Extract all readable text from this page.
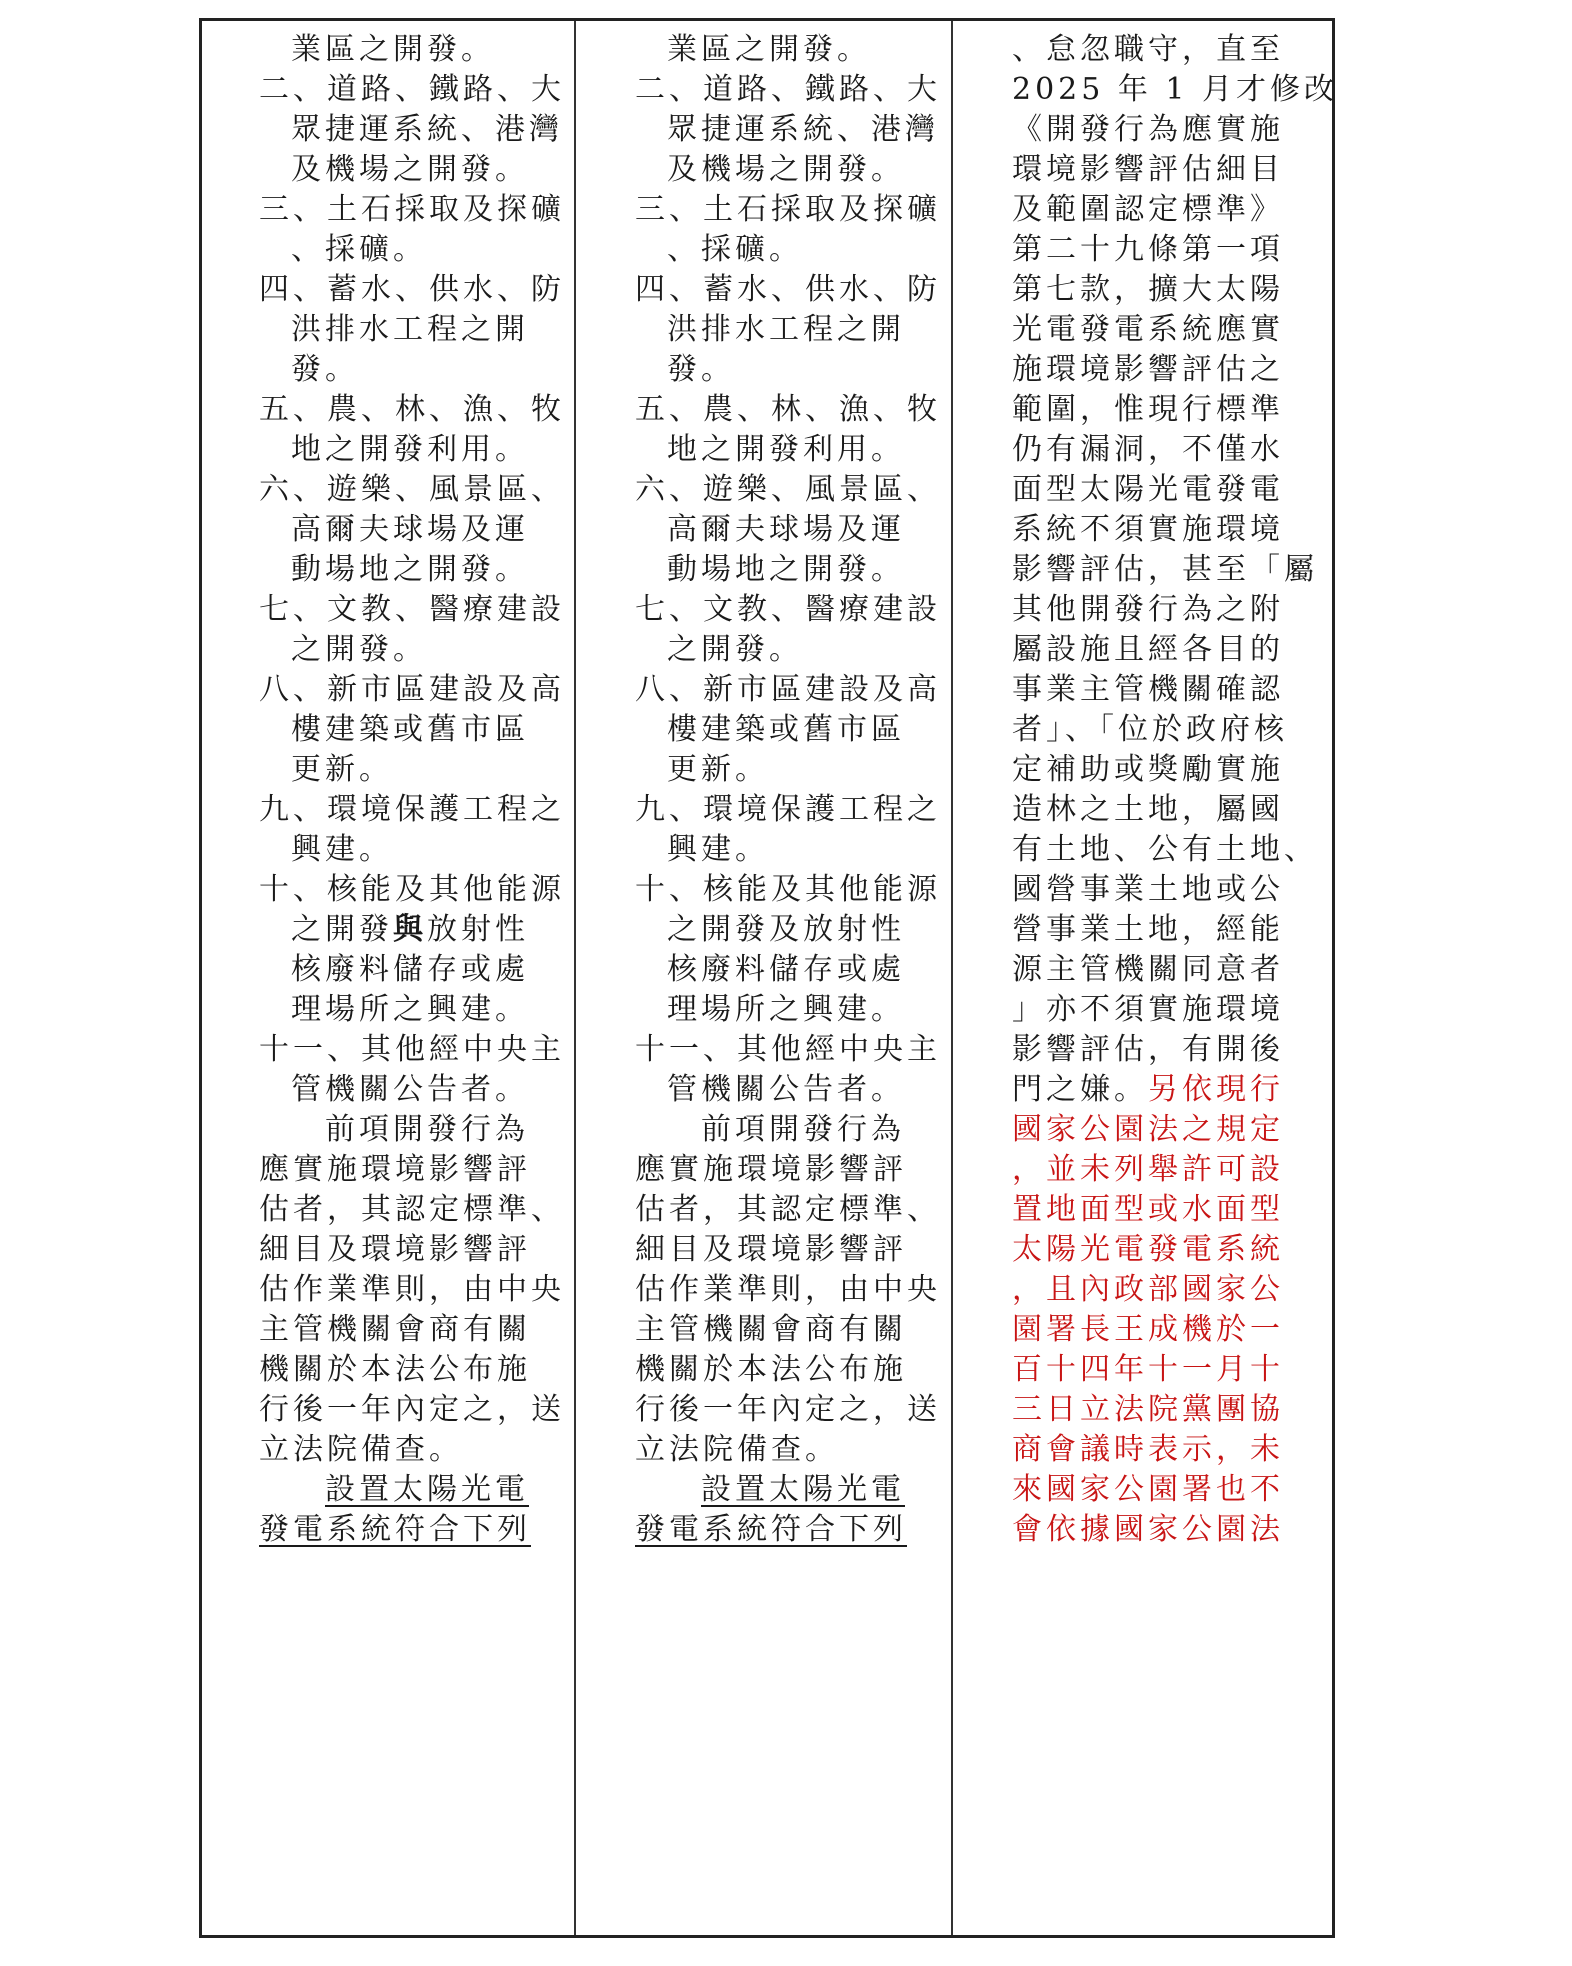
業區之開發。
二、道路、鐵路、大
眾捷運系統、港灣
及機場之開發。
三、土石採取及探礦
、採礦。
四、蓄水、供水、防
洪排水工程之開
發。
五、農、林、漁、牧
地之開發利用。
六、遊樂、風景區、
高爾夫球場及運
動場地之開發。
七、文教、醫療建設
之開發。
八、新市區建設及高
樓建築或舊市區
更新。
九、環境保護工程之
興建。
十、核能及其他能源
之開發與放射性
核廢料儲存或處
理場所之興建。
十一、其他經中央主
管機關公告者。
前項開發行為
應實施環境影響評
估者，其認定標準、
細目及環境影響評
估作業準則，由中央
主管機關會商有關
機關於本法公布施
行後一年內定之，送
立法院備查。
設置太陽光電
發電系統符合下列
業區之開發。
二、道路、鐵路、大
眾捷運系統、港灣
及機場之開發。
三、土石採取及探礦
、採礦。
四、蓄水、供水、防
洪排水工程之開
發。
五、農、林、漁、牧
地之開發利用。
六、遊樂、風景區、
高爾夫球場及運
動場地之開發。
七、文教、醫療建設
之開發。
八、新市區建設及高
樓建築或舊市區
更新。
九、環境保護工程之
興建。
十、核能及其他能源
之開發及放射性
核廢料儲存或處
理場所之興建。
十一、其他經中央主
管機關公告者。
前項開發行為
應實施環境影響評
估者，其認定標準、
細目及環境影響評
估作業準則，由中央
主管機關會商有關
機關於本法公布施
行後一年內定之，送
立法院備查。
設置太陽光電
發電系統符合下列
、怠忽職守，直至
2025 年 1 月才修改
《開發行為應實施
環境影響評估細目
及範圍認定標準》
第二十九條第一項
第七款，擴大太陽
光電發電系統應實
施環境影響評估之
範圍，惟現行標準
仍有漏洞，不僅水
面型太陽光電發電
系統不須實施環境
影響評估，甚至「屬
其他開發行為之附
屬設施且經各目的
事業主管機關確認
者」、「位於政府核
定補助或獎勵實施
造林之土地，屬國
有土地、公有土地、
國營事業土地或公
營事業土地，經能
源主管機關同意者
」亦不須實施環境
影響評估，有開後
門之嫌。另依現行
國家公園法之規定
，並未列舉許可設
置地面型或水面型
太陽光電發電系統
，且內政部國家公
園署長王成機於一
百十四年十一月十
三日立法院黨團協
商會議時表示，未
來國家公園署也不
會依據國家公園法
